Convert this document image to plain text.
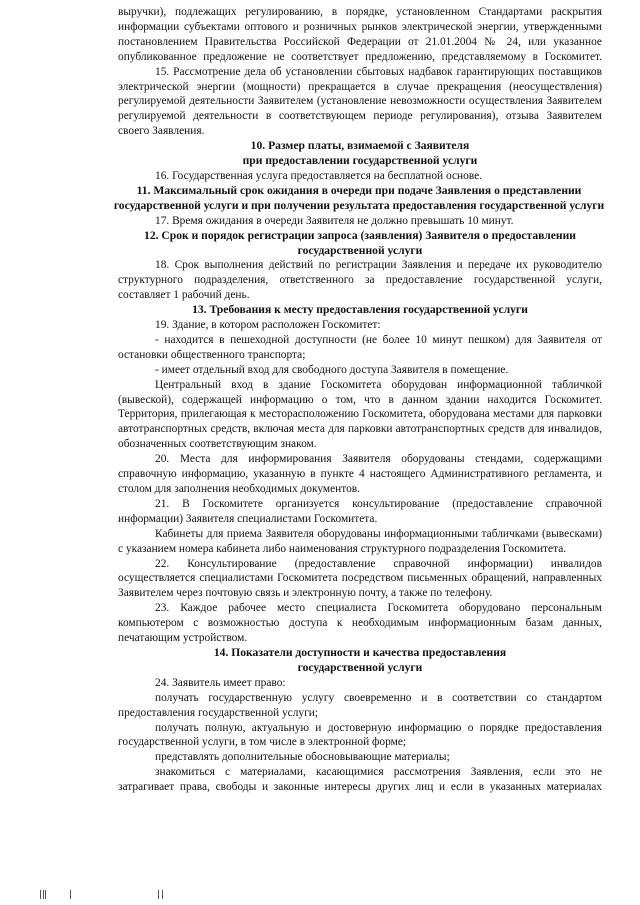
выручки), подлежащих регулированию, в порядке, установленном Стандартами раскрытия информации субъектами оптового и розничных рынков электрической энергии, утвержденными постановлением Правительства Российской Федерации от 21.01.2004 № 24, или указанное опубликованное предложение не соответствует предложению, представляемому в Госкомитет.

15. Рассмотрение дела об установлении сбытовых надбавок гарантирующих поставщиков электрической энергии (мощности) прекращается в случае прекращения (неосуществления) регулируемой деятельности Заявителем (установление невозможности осуществления Заявителем регулируемой деятельности в соответствующем периоде регулирования), отзыва Заявителем своего Заявления.

10. Размер платы, взимаемой с Заявителя

при предоставлении государственной услуги

16. Государственная услуга предоставляется на бесплатной основе.

11. Максимальный срок ожидания в очереди при подаче Заявления о представлении государственной услуги и при получении результата предоставления государственной услуги

17. Время ожидания в очереди Заявителя не должно превышать 10 минут.

12. Срок и порядок регистрации запроса (заявления) Заявителя о предоставлении государственной услуги

18. Срок выполнения действий по регистрации Заявления и передаче их руководителю структурного подразделения, ответственного за предоставление государственной услуги, составляет 1 рабочий день.

13. Требования к месту предоставления государственной услуги

19. Здание, в котором расположен Госкомитет:

- находится в пешеходной доступности (не более 10 минут пешком) для Заявителя от остановки общественного транспорта;

- имеет отдельный вход для свободного доступа Заявителя в помещение.

Центральный вход в здание Госкомитета оборудован информационной табличкой (вывеской), содержащей информацию о том, что в данном здании находится Госкомитет. Территория, прилегающая к месторасположению Госкомитета, оборудована местами для парковки автотранспортных средств, включая места для парковки автотранспортных средств для инвалидов, обозначенных соответствующим знаком.

20. Места для информирования Заявителя оборудованы стендами, содержащими справочную информацию, указанную в пункте 4 настоящего Административного регламента, и столом для заполнения необходимых документов.

21. В Госкомитете организуется консультирование (предоставление справочной информации) Заявителя специалистами Госкомитета.

Кабинеты для приема Заявителя оборудованы информационными табличками (вывесками) с указанием номера кабинета либо наименования структурного подразделения Госкомитета.

22. Консультирование (предоставление справочной информации) инвалидов осуществляется специалистами Госкомитета посредством письменных обращений, направленных Заявителем через почтовую связь и электронную почту, а также по телефону.

23. Каждое рабочее место специалиста Госкомитета оборудовано персональным компьютером с возможностью доступа к необходимым информационным базам данных, печатающим устройством.

14. Показатели доступности и качества предоставления

государственной услуги

24. Заявитель имеет право:

получать государственную услугу своевременно и в соответствии со стандартом предоставления государственной услуги;

получать полную, актуальную и достоверную информацию о порядке предоставления государственной услуги, в том числе в электронной форме;

представлять дополнительные обосновывающие материалы;

знакомиться с материалами, касающимися рассмотрения Заявления, если это не затрагивает права, свободы и законные интересы других лиц и если в указанных материалах
